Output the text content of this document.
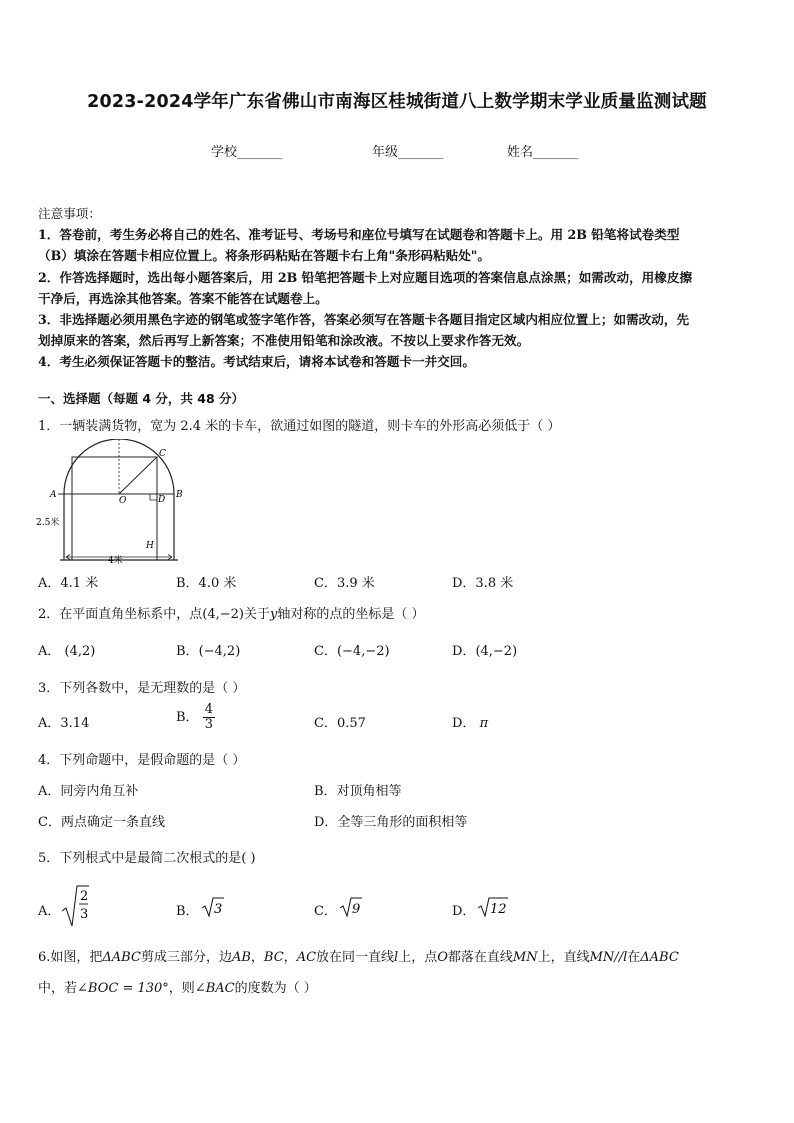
2023-2024学年广东省佛山市南海区桂城街道八上数学期末学业质量监测试题
学校_______	年级_______	姓名_______
注意事项：
1．答卷前，考生务必将自己的姓名、准考证号、考场号和座位号填写在试题卷和答题卡上。用 2B 铅笔将试卷类型
（B）填涂在答题卡相应位置上。将条形码粘贴在答题卡右上角"条形码粘贴处"。
2．作答选择题时，选出每小题答案后，用 2B 铅笔把答题卡上对应题目选项的答案信息点涂黑；如需改动，用橡皮擦
干净后，再选涂其他答案。答案不能答在试题卷上。
3．非选择题必须用黑色字迹的钢笔或签字笔作答，答案必须写在答题卡各题目指定区域内相应位置上；如需改动，先
划掉原来的答案，然后再写上新答案；不准使用铅笔和涂改液。不按以上要求作答无效。
4．考生必须保证答题卡的整洁。考试结束后，请将本试卷和答题卡一并交回。
一、选择题（每题 4 分，共 48 分）
1．一辆装满货物，宽为 2.4 米的卡车，欲通过如图的隧道，则卡车的外形高必须低于（ ）
A	B
C
D
O
H
2.5米
4米
A．4.1 米	B．4.0 米	C．3.9 米	D．3.8 米
2．在平面直角坐标系中，点(4,−2)关于y轴对称的点的坐标是（ ）
A． (4,2)	B．(−4,2)	C．(−4,−2)	D．(4,−2)
3．下列各数中，是无理数的是（ ）
A．3.14	B． $\frac{4}{3}$	C．0.57	D． π
4．下列命题中，是假命题的是（ ）
A．同旁内角互补	B．对顶角相等
C．两点确定一条直线	D．全等三角形的面积相等
5．下列根式中是最简二次根式的是( )
A．
2
3	B． 3	C． 9	D． 12
6.如图，把ΔABC剪成三部分，边AB，BC，AC放在同一直线l上，点O都落在直线MN上，直线MN//l在ΔABC
中，若∠BOC = 130°，则∠BAC的度数为（ ）
